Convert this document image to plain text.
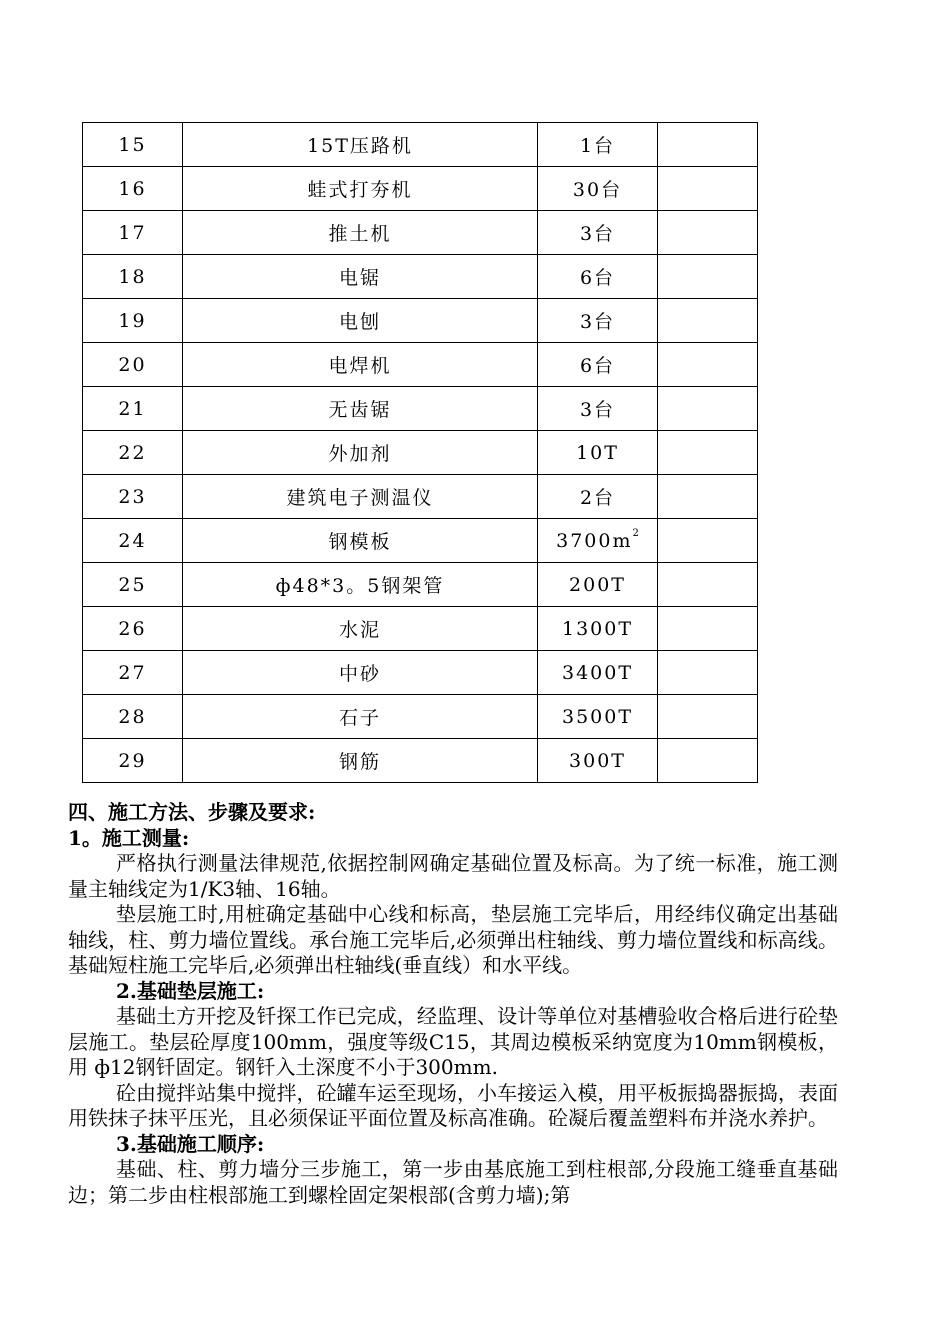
15	15T压路机	1台	
16	蛙式打夯机	30台	
17	推土机	3台	
18	电锯	6台	
19	电刨	3台	
20	电焊机	6台	
21	无齿锯	3台	
22	外加剂	10T	
23	建筑电子测温仪	2台	
24	钢模板	$3700m^2$	
25	ф48*3。5钢架管	200T	
26	水泥	1300T	
27	中砂	3400T	
28	石子	3500T	
29	钢筋	300T	
四、施工方法、步骤及要求:
1。施工测量:

严格执行测量法律规范,依据控制网确定基础位置及标高。为了统一标准，施工测量主轴线定为1/K3轴、16轴。

垫层施工时,用桩确定基础中心线和标高，垫层施工完毕后，用经纬仪确定出基础轴线，柱、剪力墙位置线。承台施工完毕后,必须弹出柱轴线、剪力墙位置线和标高线。基础短柱施工完毕后,必须弹出柱轴线(垂直线）和水平线。

2.基础垫层施工:

基础土方开挖及钎探工作已完成，经监理、设计等单位对基槽验收合格后进行砼垫层施工。垫层砼厚度100mm，强度等级C15，其周边模板采纳宽度为10mm钢模板，用 ф12钢钎固定。钢钎入土深度不小于300mm.

砼由搅拌站集中搅拌，砼罐车运至现场，小车接运入模，用平板振捣器振捣，表面用铁抹子抹平压光，且必须保证平面位置及标高准确。砼凝后覆盖塑料布并浇水养护。

3.基础施工顺序:

基础、柱、剪力墙分三步施工，第一步由基底施工到柱根部,分段施工缝垂直基础边；第二步由柱根部施工到螺栓固定架根部(含剪力墙);第
